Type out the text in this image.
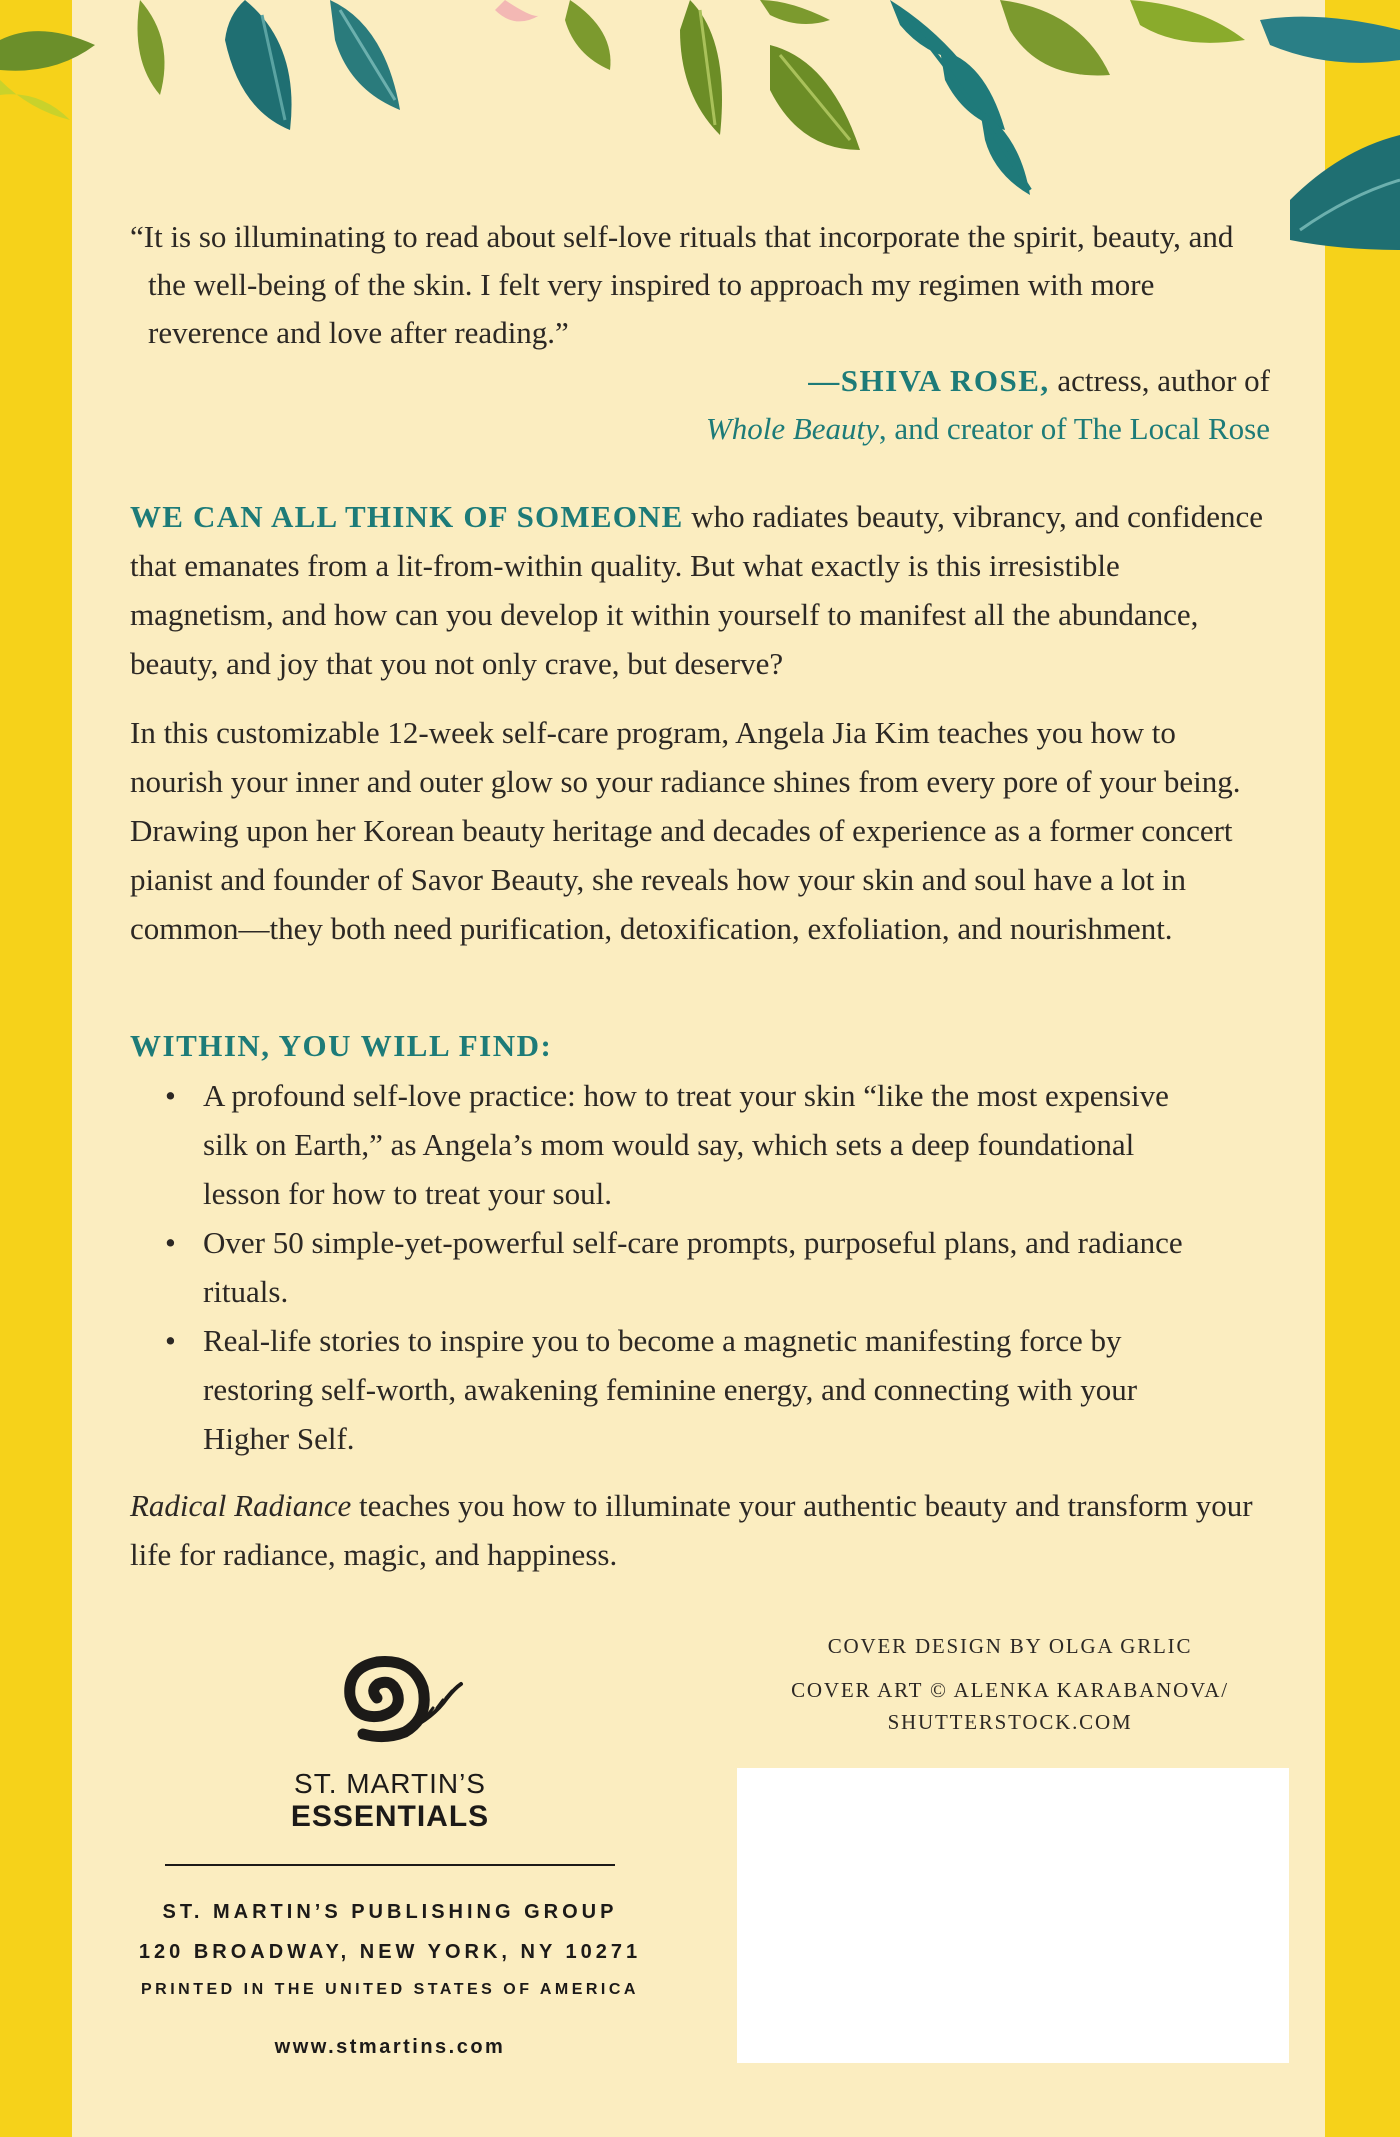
“It is so illuminating to read about self-love rituals that incorporate the spirit, beauty, and the well-being of the skin. I felt very inspired to approach my regimen with more reverence and love after reading.”

—SHIVA ROSE, actress, author of
Whole Beauty, and creator of The Local Rose

WE CAN ALL THINK OF SOMEONE who radiates beauty, vibrancy, and confidence that emanates from a lit-from-within quality. But what exactly is this irresistible magnetism, and how can you develop it within yourself to manifest all the abundance, beauty, and joy that you not only crave, but deserve?

In this customizable 12-week self-care program, Angela Jia Kim teaches you how to nourish your inner and outer glow so your radiance shines from every pore of your being. Drawing upon her Korean beauty heritage and decades of experience as a former concert pianist and founder of Savor Beauty, she reveals how your skin and soul have a lot in common—they both need purification, detoxification, exfoliation, and nourishment.

WITHIN, YOU WILL FIND:

• A profound self-love practice: how to treat your skin “like the most expensive silk on Earth,” as Angela’s mom would say, which sets a deep foundational lesson for how to treat your soul.
• Over 50 simple-yet-powerful self-care prompts, purposeful plans, and radiance rituals.
• Real-life stories to inspire you to become a magnetic manifesting force by restoring self-worth, awakening feminine energy, and connecting with your Higher Self.

Radical Radiance teaches you how to illuminate your authentic beauty and transform your life for radiance, magic, and happiness.

COVER DESIGN BY OLGA GRLIC

COVER ART © ALENKA KARABANOVA/
SHUTTERSTOCK.COM

ST. MARTIN’S
ESSENTIALS

ST. MARTIN’S PUBLISHING GROUP

120 BROADWAY, NEW YORK, NY 10271

PRINTED IN THE UNITED STATES OF AMERICA

www.stmartins.com
